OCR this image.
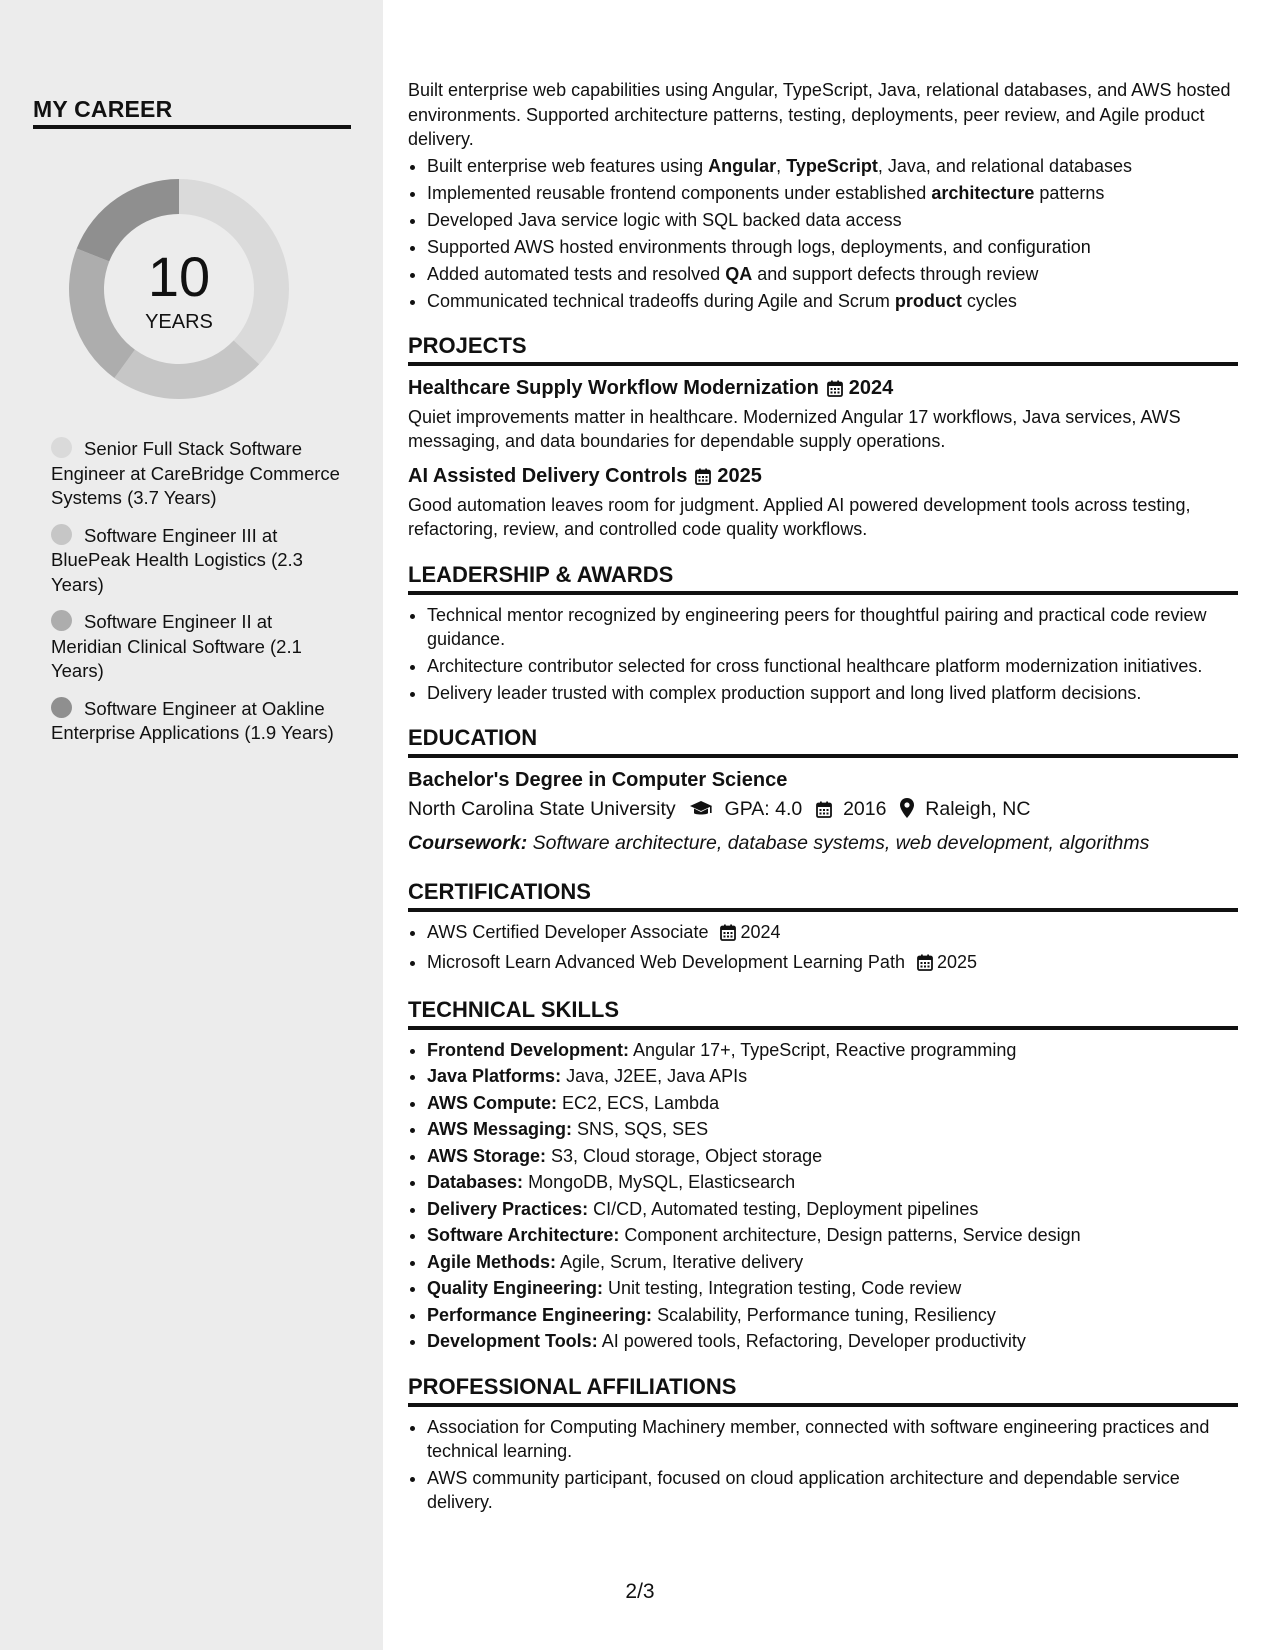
MY CAREER
10
YEARS
Senior Full Stack Software Engineer at CareBridge Commerce Systems (3.7 Years)
Software Engineer III at BluePeak Health Logistics (2.3 Years)
Software Engineer II at Meridian Clinical Software (2.1 Years)
Software Engineer at Oakline Enterprise Applications (1.9 Years)

Built enterprise web capabilities using Angular, TypeScript, Java, relational databases, and AWS hosted environments. Supported architecture patterns, testing, deployments, peer review, and Agile product delivery.

• Built enterprise web features using Angular, TypeScript, Java, and relational databases
• Implemented reusable frontend components under established architecture patterns
• Developed Java service logic with SQL backed data access
• Supported AWS hosted environments through logs, deployments, and configuration
• Added automated tests and resolved QA and support defects through review
• Communicated technical tradeoffs during Agile and Scrum product cycles
PROJECTS
Healthcare Supply Workflow Modernization 2024

Quiet improvements matter in healthcare. Modernized Angular 17 workflows, Java services, AWS messaging, and data boundaries for dependable supply operations.

AI Assisted Delivery Controls 2025

Good automation leaves room for judgment. Applied AI powered development tools across testing, refactoring, review, and controlled code quality workflows.

LEADERSHIP & AWARDS
• Technical mentor recognized by engineering peers for thoughtful pairing and practical code review guidance.
• Architecture contributor selected for cross functional healthcare platform modernization initiatives.
• Delivery leader trusted with complex production support and long lived platform decisions.
EDUCATION
Bachelor's Degree in Computer Science
North Carolina State University	GPA: 4.0 2016 Raleigh, NC
Coursework: Software architecture, database systems, web development, algorithms
CERTIFICATIONS
• AWS Certified Developer Associate 2024
• Microsoft Learn Advanced Web Development Learning Path 2025
TECHNICAL SKILLS
• Frontend Development: Angular 17+, TypeScript, Reactive programming
• Java Platforms: Java, J2EE, Java APIs
• AWS Compute: EC2, ECS, Lambda
• AWS Messaging: SNS, SQS, SES
• AWS Storage: S3, Cloud storage, Object storage
• Databases: MongoDB, MySQL, Elasticsearch
• Delivery Practices: CI/CD, Automated testing, Deployment pipelines
• Software Architecture: Component architecture, Design patterns, Service design
• Agile Methods: Agile, Scrum, Iterative delivery
• Quality Engineering: Unit testing, Integration testing, Code review
• Performance Engineering: Scalability, Performance tuning, Resiliency
• Development Tools: AI powered tools, Refactoring, Developer productivity
PROFESSIONAL AFFILIATIONS
• Association for Computing Machinery member, connected with software engineering practices and technical learning.
• AWS community participant, focused on cloud application architecture and dependable service delivery.
2/3
